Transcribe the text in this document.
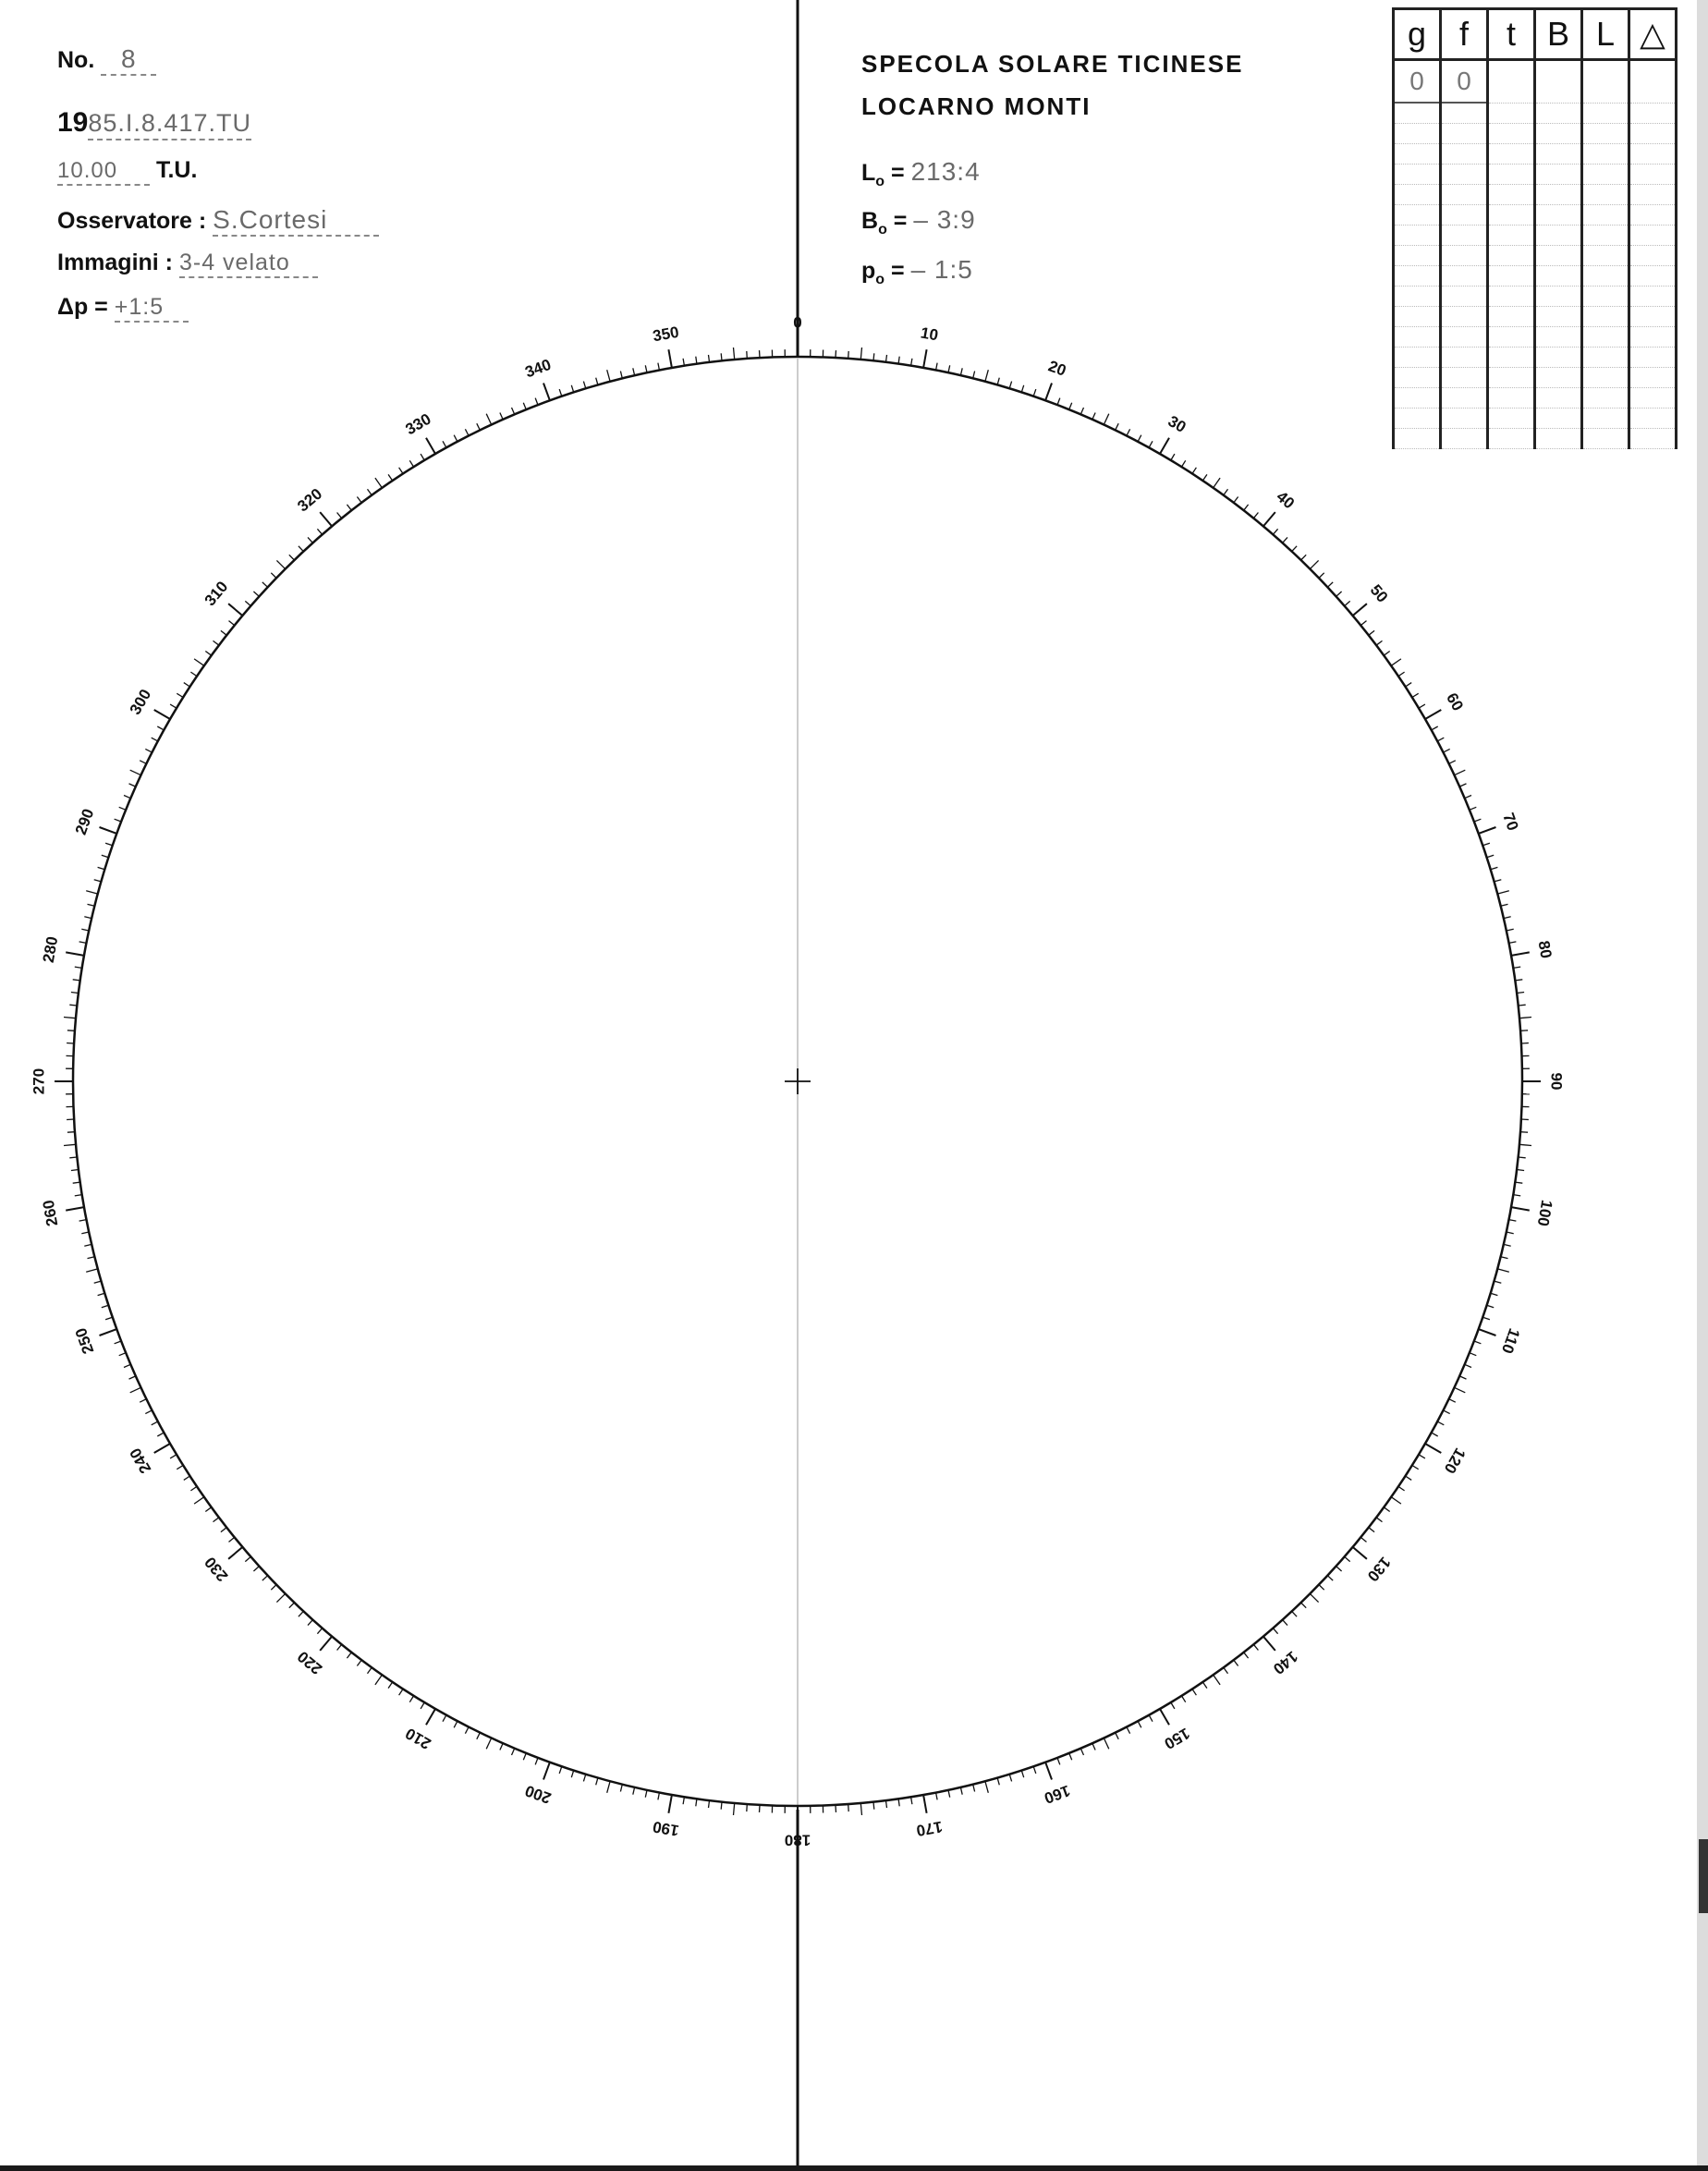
No. 8
1985.I.8.417.TU
10.00 T.U.
Osservatore : S.Cortesi
Immagini : 3-4 velato
Δp = +1:5
SPECOLA SOLARE TICINESE
LOCARNO MONTI
$L_o$ = 213:4
$B_o$ = – 3:9
$p_o$ = – 1:5
g	f	t	B	L	△
0	0				

0
10
20
30
40
50
60
70
80
90
100
110
120
130
140
150
160
170
180
190
200
210
220
230
240
250
260
270
280
290
300
310
320
330
340
350
